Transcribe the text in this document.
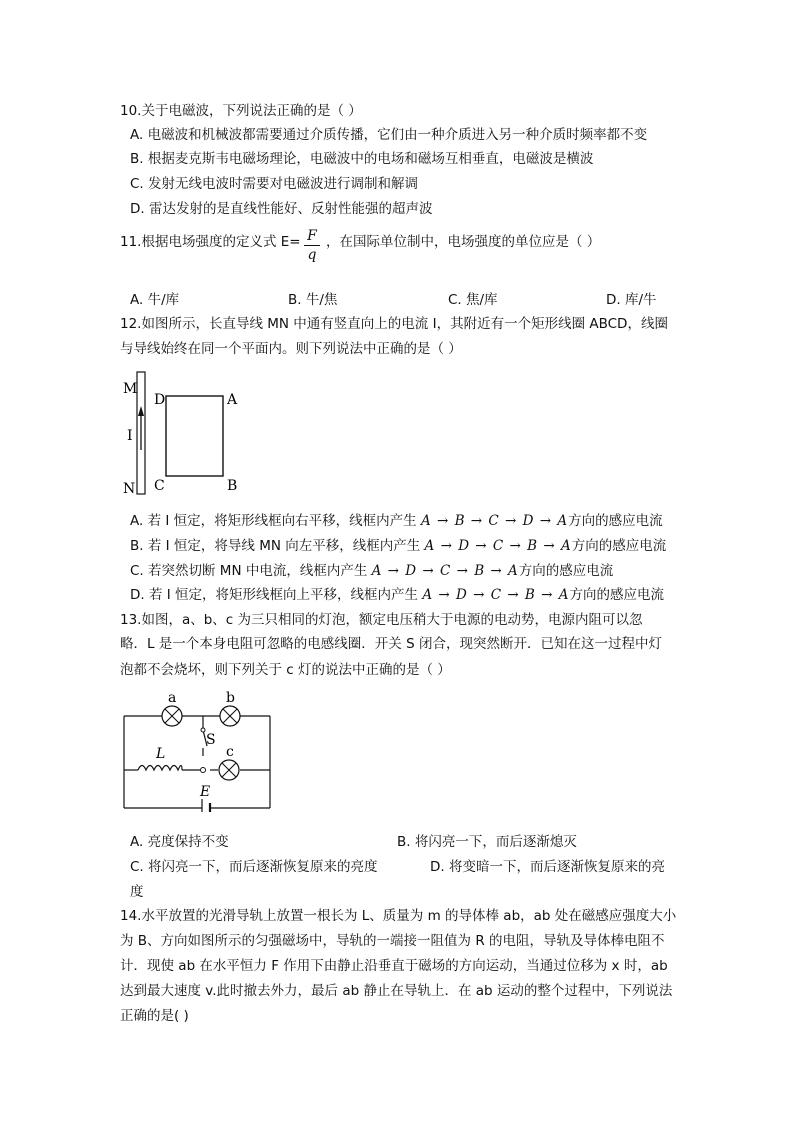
10.关于电磁波，下列说法正确的是（ ）
A. 电磁波和机械波都需要通过介质传播，它们由一种介质进入另一种介质时频率都不变
B. 根据麦克斯韦电磁场理论，电磁波中的电场和磁场互相垂直，电磁波是横波
C. 发射无线电波时需要对电磁波进行调制和解调
D. 雷达发射的是直线性能好、反射性能强的超声波
11.根据电场强度的定义式 E= F
q
，在国际单位制中，电场强度的单位应是（ ）
A. 牛/库	B. 牛/焦	C. 焦/库	D. 库/牛
12.如图所示，长直导线 MN 中通有竖直向上的电流 I，其附近有一个矩形线圈 ABCD，线圈
与导线始终在同一个平面内。则下列说法中正确的是（ ）
M
N
I
D	A
C	B
A. 若 I 恒定，将矩形线框向右平移，线框内产生 A → B → C → D → A方向的感应电流
B. 若 I 恒定，将导线 MN 向左平移，线框内产生 A → D → C → B → A方向的感应电流
C. 若突然切断 MN 中电流，线框内产生 A → D → C → B → A方向的感应电流
D. 若 I 恒定，将矩形线框向上平移，线框内产生 A → D → C → B → A方向的感应电流
13.如图，a、b、c 为三只相同的灯泡，额定电压稍大于电源的电动势，电源内阻可以忽
略．L 是一个本身电阻可忽略的电感线圈．开关 S 闭合，现突然断开．已知在这一过程中灯
泡都不会烧坏，则下列关于 c 灯的说法中正确的是（ ）
a	b
c
S
L
E
A. 亮度保持不变	B. 将闪亮一下，而后逐渐熄灭
C. 将闪亮一下，而后逐渐恢复原来的亮度	D. 将变暗一下，而后逐渐恢复原来的亮
度
14.水平放置的光滑导轨上放置一根长为 L、质量为 m 的导体棒 ab，ab 处在磁感应强度大小
为 B、方向如图所示的匀强磁场中，导轨的一端接一阻值为 R 的电阻，导轨及导体棒电阻不
计．现使 ab 在水平恒力 F 作用下由静止沿垂直于磁场的方向运动，当通过位移为 x 时，ab
达到最大速度 v.此时撤去外力，最后 ab 静止在导轨上．在 ab 运动的整个过程中，下列说法
正确的是( )
